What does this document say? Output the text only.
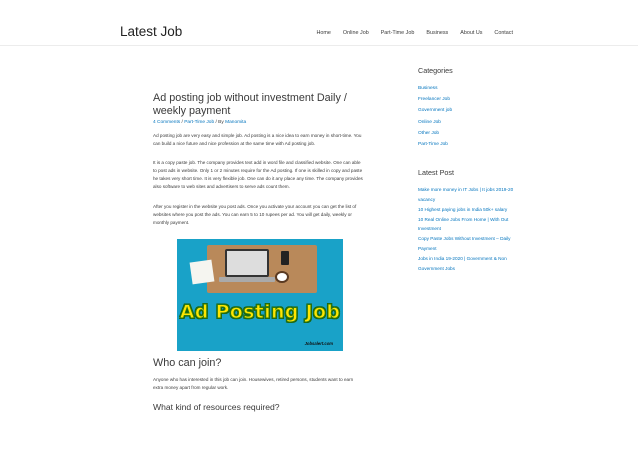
Latest Job	Home Online Job Part-Time Job Business About Us Contact
Ad posting job without investment Daily / weekly payment
4 Comments / Part-Time Job / By Manomita

Ad posting job are very easy and simple job. Ad posting is a nice idea to earn money in short-time. You can build a nice future and nice profession at the same time with Ad posting job.

It is a copy paste job. The company provides text add in word file and classified website. One can able to post ads in website. Only 1 or 2 minutes require for the Ad posting. If one is skilled in copy and paste he takes very short time. It is very flexible job. One can do it any place any time. The company provides also software to web sites and advertisers to serve ads count them.

After you register in the website you post ads. Once you activate your account you can get the list of websites where you post the ads. You can earn 5 to 10 rupees per ad. You will get daily, weekly or monthly payment.

Ad Posting Job
Jobsalert.com
Who can join?

Anyone who has interested in this job can join. Housewives, retired persons, students want to earn extra money apart from regular work.

What kind of resources required?
Categories
Business
Freelancer Job
Government job
Online Job
Other Job
Part-Time Job
Latest Post
Make more money in IT Jobs | It jobs 2019-20 vacancy
10 Highest paying jobs in India 50k+ salary
10 Real Online Jobs From Home | With Out Investment
Copy Paste Jobs Without Investment – Daily Payment
Jobs in India 19-2020 | Government & Non Government Jobs
